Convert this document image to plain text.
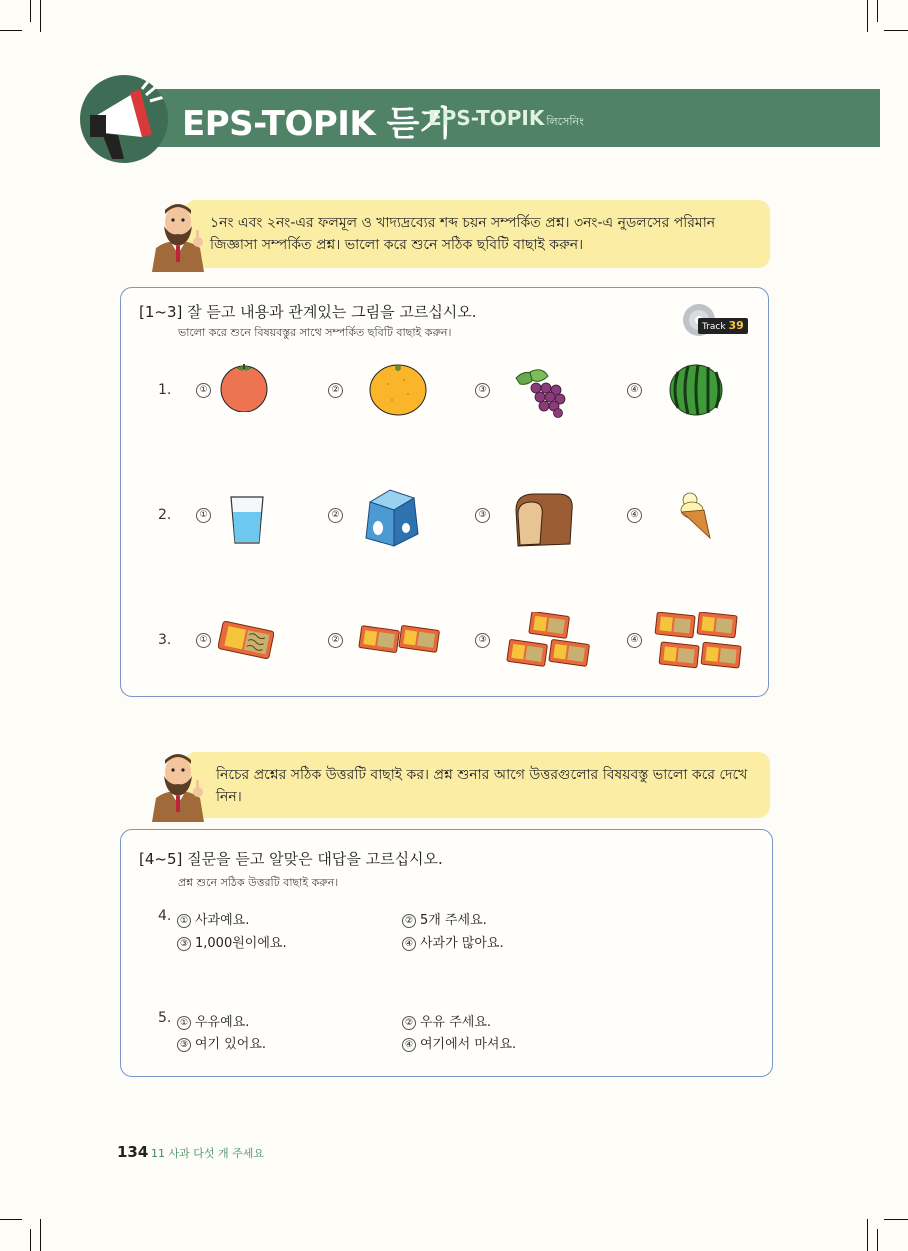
EPS-TOPIK 듣기
EPS-TOPIK লিসেনিং
১নং এবং ২নং-এর ফলমূল ও খাদ্যদ্রব্যের শব্দ চয়ন সম্পর্কিত প্রশ্ন। ৩নং-এ নুডলসের পরিমান জিজ্ঞাসা সম্পর্কিত প্রশ্ন। ভালো করে শুনে সঠিক ছবিটি বাছাই করুন।
[1~3] 잘 듣고 내용과 관계있는 그림을 고르십시오.
ভালো করে শুনে বিষয়বস্তুর সাথে সম্পর্কিত ছবিটি বাছাই করুন।	Track 39
1.	①	②	③	④
2.	①	②	③	④
3.	①	②	③	④
নিচের প্রশ্নের সঠিক উত্তরটি বাছাই কর। প্রশ্ন শুনার আগে উত্তরগুলোর বিষয়বস্তু ভালো করে দেখে নিন।
[4~5] 질문을 듣고 알맞은 대답을 고르십시오.
প্রশ্ন শুনে সঠিক উত্তরটি বাছাই করুন।
4. ① 사과예요.	② 5개 주세요.
③ 1,000원이에요.	④ 사과가 많아요.
5. ① 우유예요.	② 우유 주세요.
③ 여기 있어요.	④ 여기에서 마셔요.
134 11 사과 다섯 개 주세요
